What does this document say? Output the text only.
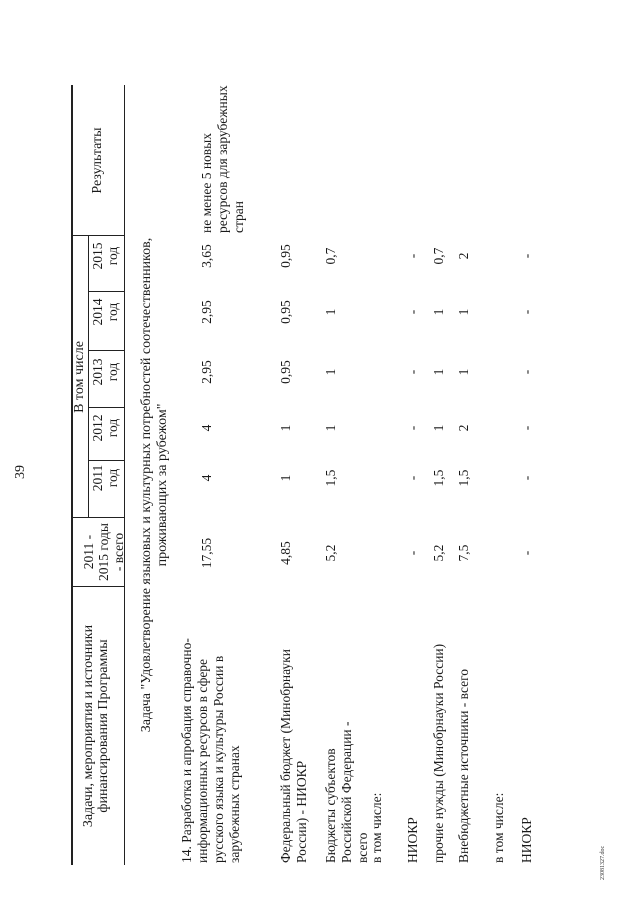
39
Задачи, мероприятия и источники финансирования Программы
2011 - 2015 годы - всего
В том числе
2011 год
2012 год
2013 год
2014 год
2015 год
Результаты
Задача "Удовлетворение языковых и культурных потребностей соотечественников, проживающих за рубежом"
14. Разработка и апробация справочно-информационных ресурсов в сфере русского языка и культуры России в зарубежных странах
17,55
4
4
2,95
2,95
3,65
не менее 5 новых ресурсов для зарубежных стран
Федеральный бюджет (Минобрнауки России) - НИОКР
4,85
1
1
0,95
0,95
0,95
Бюджеты субъектов Российской Федерации - всего
5,2
1,5
1
1
1
0,7
в том числе: НИОКР
-
-
-
-
-
-
прочие нужды (Минобрнауки России)
5,2
1,5
1
1
1
0,7
Внебюджетные источники - всего
7,5
1,5
2
1
1
2
в том числе: НИОКР
-
-
-
-
-
-
23081327.doc
